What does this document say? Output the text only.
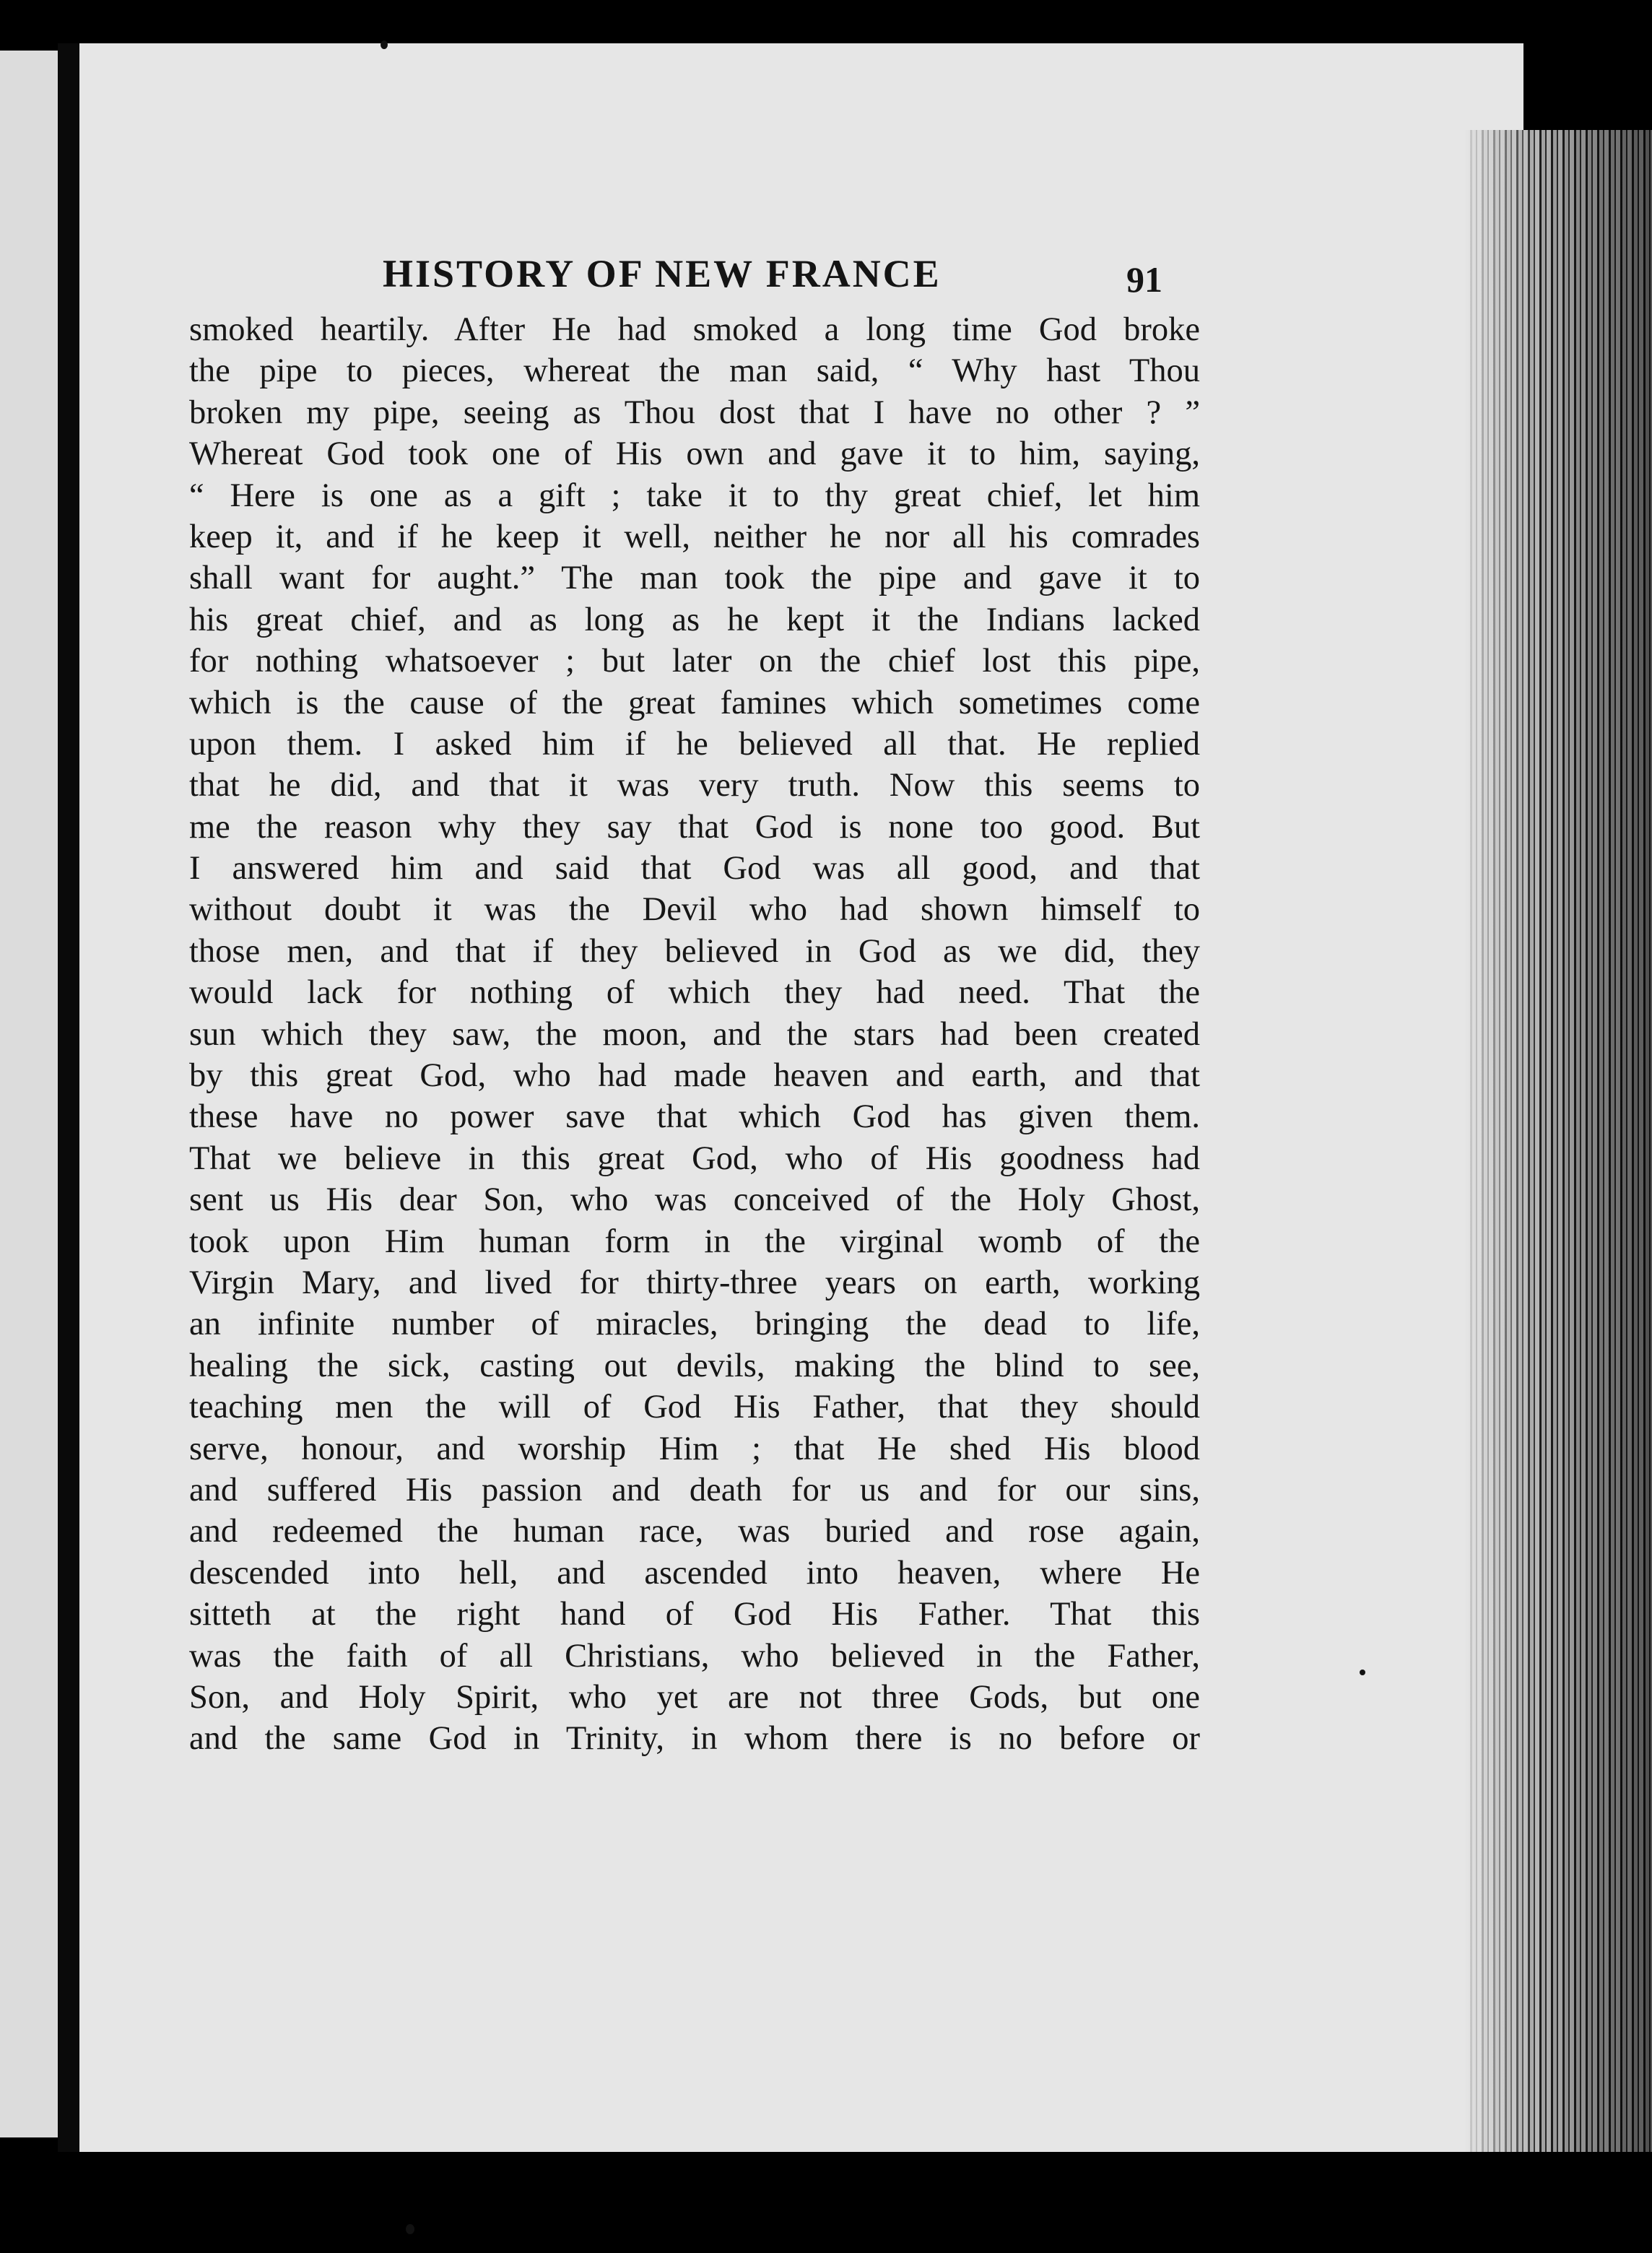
HISTORY OF NEW FRANCE	91
smoked heartily. After He had smoked a long time God broke
the pipe to pieces, whereat the man said, “ Why hast Thou
broken my pipe, seeing as Thou dost that I have no other ? ”
Whereat God took one of His own and gave it to him, saying,
“ Here is one as a gift ; take it to thy great chief, let him
keep it, and if he keep it well, neither he nor all his comrades
shall want for aught.” The man took the pipe and gave it to
his great chief, and as long as he kept it the Indians lacked
for nothing whatsoever ; but later on the chief lost this pipe,
which is the cause of the great famines which sometimes come
upon them. I asked him if he believed all that. He replied
that he did, and that it was very truth. Now this seems to
me the reason why they say that God is none too good. But
I answered him and said that God was all good, and that
without doubt it was the Devil who had shown himself to
those men, and that if they believed in God as we did, they
would lack for nothing of which they had need. That the
sun which they saw, the moon, and the stars had been created
by this great God, who had made heaven and earth, and that
these have no power save that which God has given them.
That we believe in this great God, who of His goodness had
sent us His dear Son, who was conceived of the Holy Ghost,
took upon Him human form in the virginal womb of the
Virgin Mary, and lived for thirty-three years on earth, working
an infinite number of miracles, bringing the dead to life,
healing the sick, casting out devils, making the blind to see,
teaching men the will of God His Father, that they should
serve, honour, and worship Him ; that He shed His blood
and suffered His passion and death for us and for our sins,
and redeemed the human race, was buried and rose again,
descended into hell, and ascended into heaven, where He
sitteth at the right hand of God His Father. That this
was the faith of all Christians, who believed in the Father,
Son, and Holy Spirit, who yet are not three Gods, but one
and the same God in Trinity, in whom there is no before or
